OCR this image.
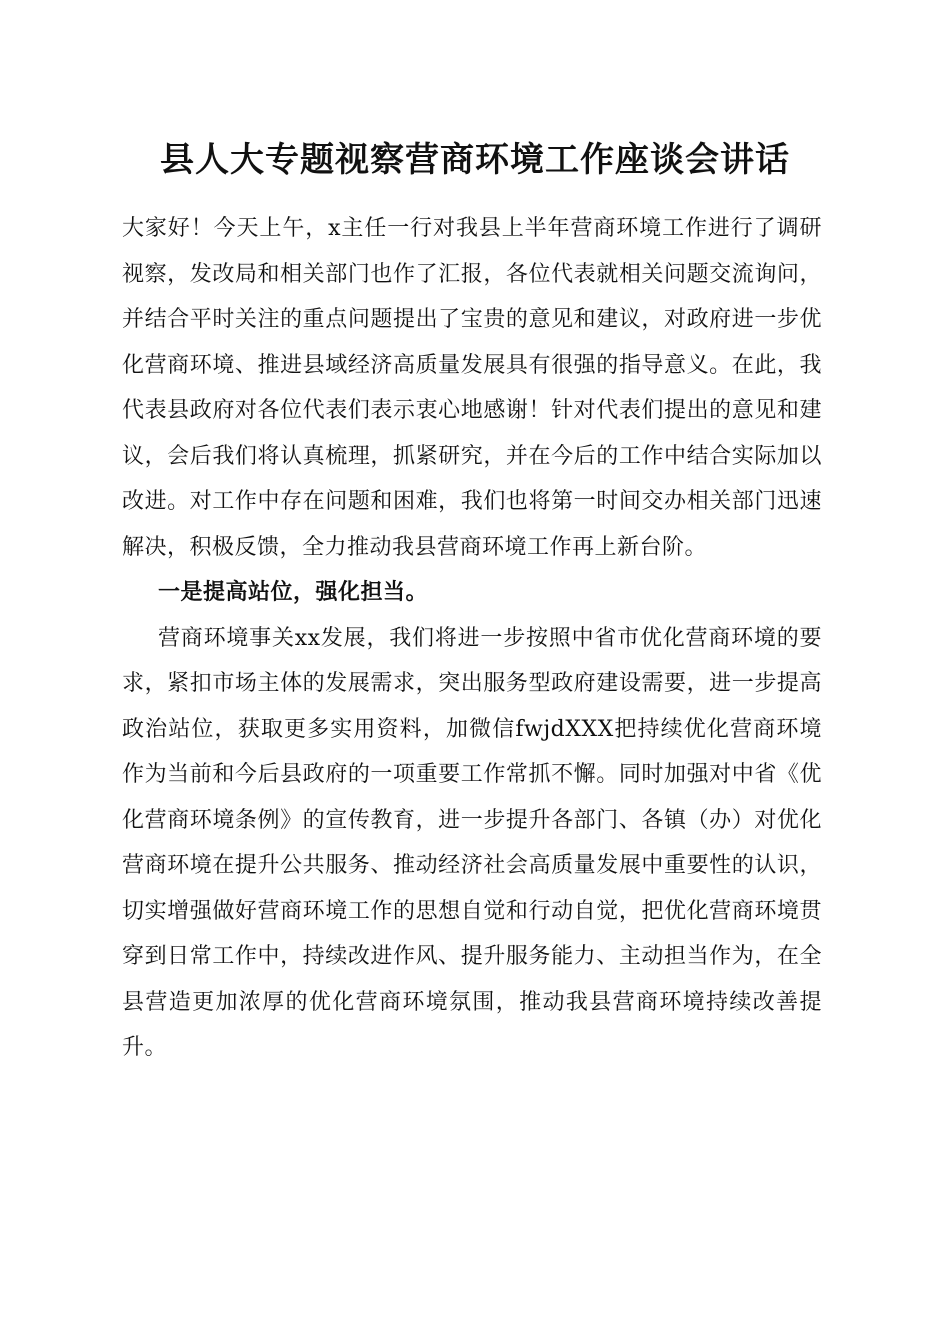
县人大专题视察营商环境工作座谈会讲话

大家好！今天上午，x主任一行对我县上半年营商环境工作进行了调研视察，发改局和相关部门也作了汇报，各位代表就相关问题交流询问，并结合平时关注的重点问题提出了宝贵的意见和建议，对政府进一步优化营商环境、推进县域经济高质量发展具有很强的指导意义。在此，我代表县政府对各位代表们表示衷心地感谢！针对代表们提出的意见和建议，会后我们将认真梳理，抓紧研究，并在今后的工作中结合实际加以改进。对工作中存在问题和困难，我们也将第一时间交办相关部门迅速解决，积极反馈，全力推动我县营商环境工作再上新台阶。

一是提高站位，强化担当。

营商环境事关xx发展，我们将进一步按照中省市优化营商环境的要求，紧扣市场主体的发展需求，突出服务型政府建设需要，进一步提高政治站位，获取更多实用资料，加微信fwjdXXX把持续优化营商环境作为当前和今后县政府的一项重要工作常抓不懈。同时加强对中省《优化营商环境条例》的宣传教育，进一步提升各部门、各镇（办）对优化营商环境在提升公共服务、推动经济社会高质量发展中重要性的认识，切实增强做好营商环境工作的思想自觉和行动自觉，把优化营商环境贯穿到日常工作中，持续改进作风、提升服务能力、主动担当作为，在全县营造更加浓厚的优化营商环境氛围，推动我县营商环境持续改善提升。
